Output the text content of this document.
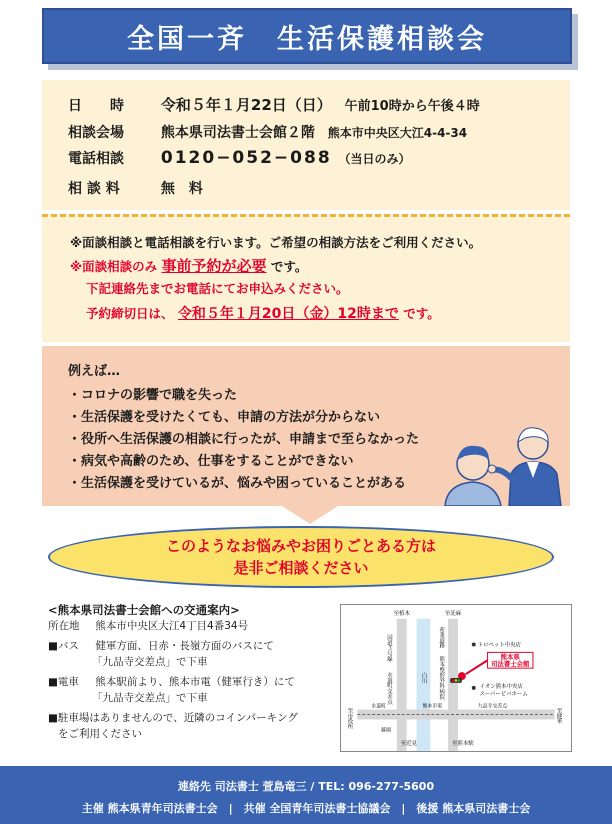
全国一斉　生活保護相談会
日　　時 令和５年１月22日（日） 午前10時から午後４時
相談会場	熊本県司法書士会館２階 熊本市中央区大江4-4-34
電話相談 0120−052−088 （当日のみ）
相 談 料	無　料
※面談相談と電話相談を行います。ご希望の相談方法をご利用ください。
※面談相談のみ 事前予約が必要 です。
下記連絡先までお電話にてお申込みください。
予約締切日は、 令和５年１月20日（金）12時まで です。
例えば…
・コロナの影響で職を失った
・生活保護を受けたくても、申請の方法が分からない
・役所へ生活保護の相談に行ったが、申請まで至らなかった
・病気や高齢のため、仕事をすることができない
・生活保護を受けているが、悩みや困っていることがある
このようなお悩みやお困りごとある方は
是非ご相談ください
<熊本県司法書士会館への交通案内>
所在地 熊本市中央区大江4丁目4番34号
■バス 健軍方面、日赤・長嶺方面のバスにて
「九品寺交差点」で下車
■電車 熊本駅前より、熊本市電（健軍行き）にて
「九品寺交差点」で下車
■駐車場はありませんので、近隣のコインパーキング
をご利用ください
熊本県
司法書士会館
トロペット中央店
イオン熊本中央店
スーパービバホーム
至植木	至託麻
国道３号線
水道町交差点	白川
産業道路
熊本整形外科病院
至市役所
水道町	熊本市電	九品寺交差点
至健軍
藤園
至近見	至熊本駅
連絡先 司法書士 萱島竜三 / TEL: 096-277-5600
主催 熊本県青年司法書士会　|　共催 全国青年司法書士協議会　|　後援 熊本県司法書士会
